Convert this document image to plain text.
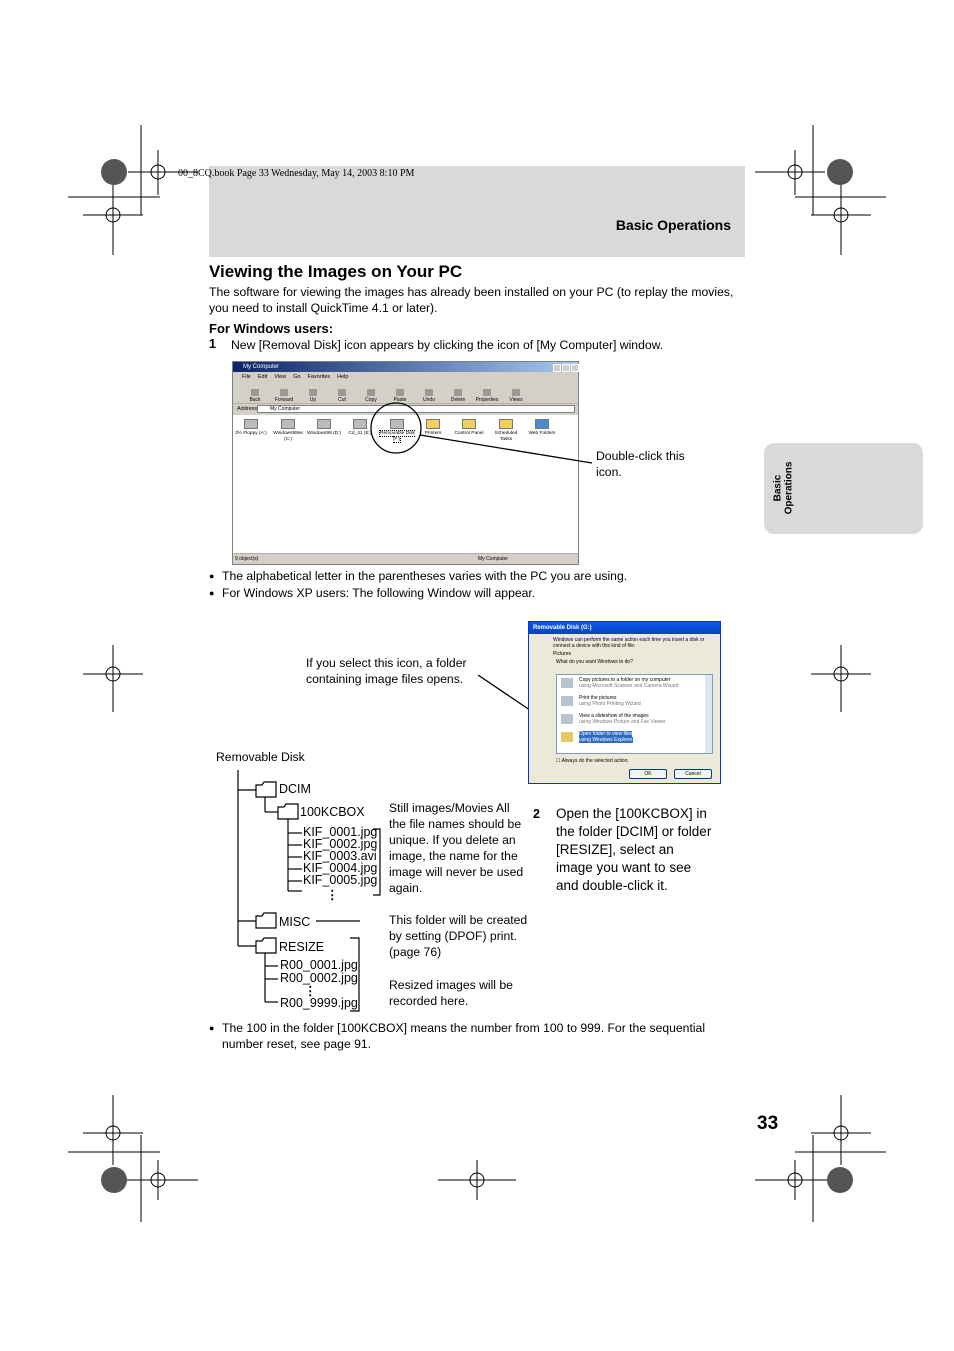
00_8CQ.book Page 33 Wednesday, May 14, 2003 8:10 PM
Basic Operations
Basic
Operations
Viewing the Images on Your PC
The software for viewing the images has already been installed on your PC (to replay the movies, you need to install QuickTime 4.1 or later).
For Windows users:
1 New [Removal Disk] icon appears by clicking the icon of [My Computer] window.
My Computer
File Edit View Go Favorites Help
Back	Forward	Up	Cut	Copy	Paste	Undo	Delete	Properties	Views
Address	My Computer
3½ Floppy (A:)	Windows98se (C:)
Windows98 (D:)	Cd_41 (E:)	Removable Disk (F:)
Printers	Control Panel	Scheduled Tasks
Web Folders
9 object(s)	My Computer
Double-click this icon.
● The alphabetical letter in the parentheses varies with the PC you are using.
● For Windows XP users: The following Window will appear.
If you select this icon, a folder containing image files opens.
Removable Disk (G:)
Windows can perform the same action each time you insert a disk or connect a device with this kind of file:
Pictures
What do you want Windows to do?
Copy pictures to a folder on my computer
using Microsoft Scanner and Camera Wizard
Print the pictures
using Photo Printing Wizard
View a slideshow of the images
using Windows Picture and Fax Viewer
Open folder to view files
using Windows Explorer
☐ Always do the selected action.
OK	Cancel
Removable Disk
DCIM
100KCBOX
KIF_0001.jpg
KIF_0002.jpg
KIF_0003.avi
KIF_0004.jpg
KIF_0005.jpg
⋮
MISC
RESIZE
R00_0001.jpg
R00_0002.jpg
⋮
R00_9999.jpg
Still images/Movies All the file names should be unique. If you delete an image, the name for the image will never be used again.
This folder will be created by setting (DPOF) print. (page 76)
Resized images will be recorded here.
2 Open the [100KCBOX] in the folder [DCIM] or folder [RESIZE], select an image you want to see and double-click it.
● The 100 in the folder [100KCBOX] means the number from 100 to 999. For the sequential number reset, see page 91.
33
